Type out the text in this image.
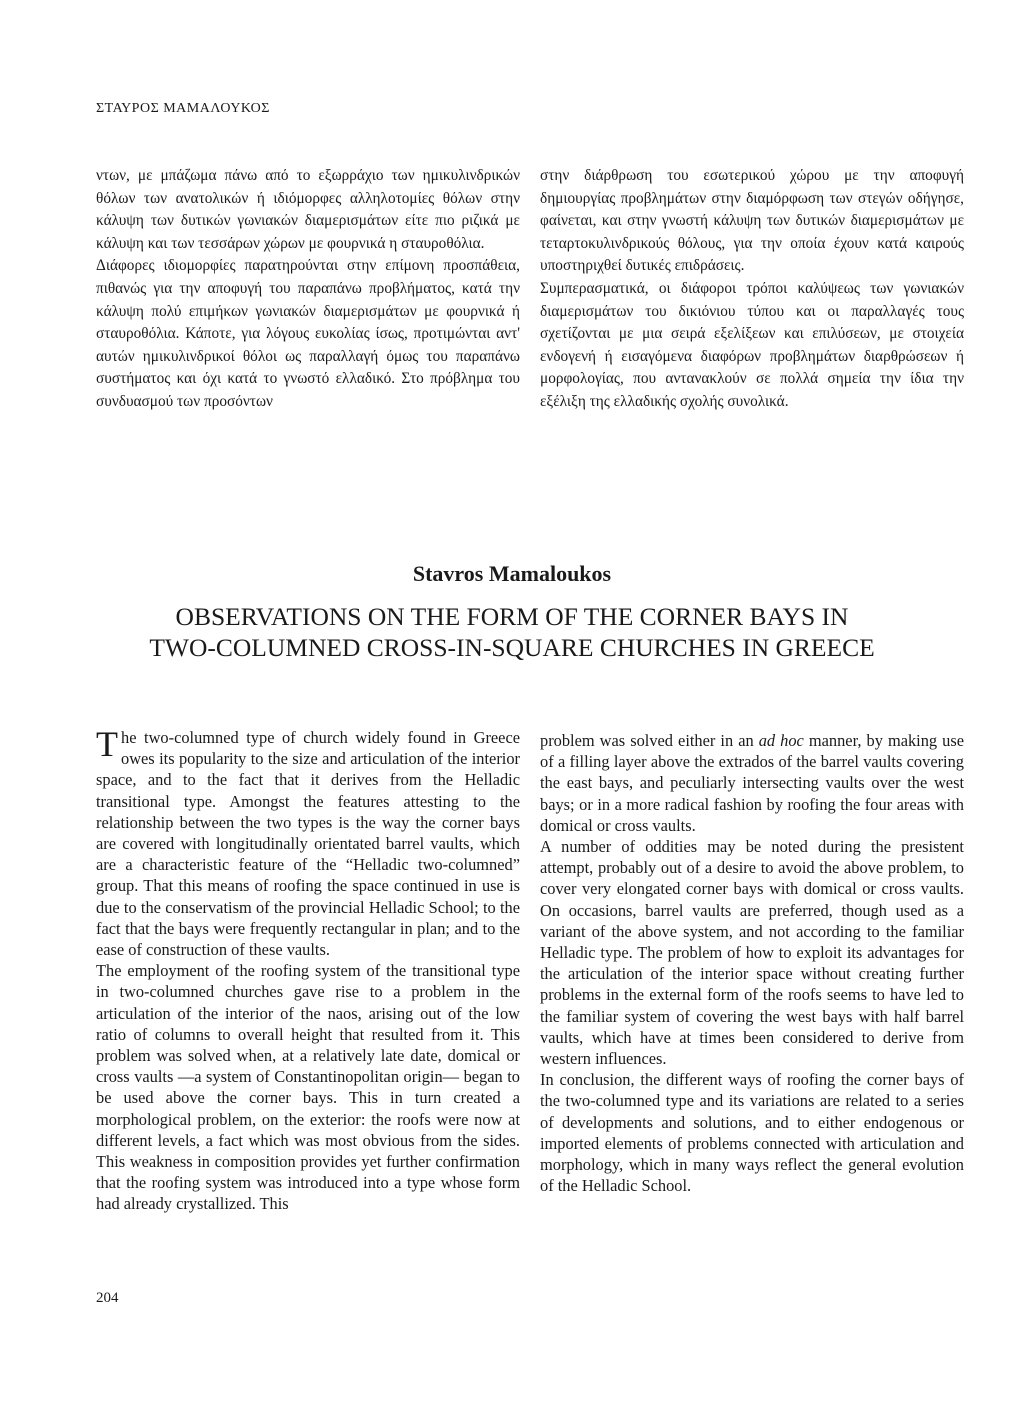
ΣΤΑΥΡΟΣ ΜΑΜΑΛΟΥΚΟΣ

ντων, με μπάζωμα πάνω από το εξωρράχιο των ημικυλινδρικών θόλων των ανατολικών ή ιδιόμορφες αλληλοτομίες θόλων στην κάλυψη των δυτικών γωνιακών διαμερισμάτων είτε πιο ριζικά με κάλυψη και των τεσσάρων χώρων με φουρνικά η σταυροθόλια.

Διάφορες ιδιομορφίες παρατηρούνται στην επίμονη προσπάθεια, πιθανώς για την αποφυγή του παραπάνω προβλήματος, κατά την κάλυψη πολύ επιμήκων γωνιακών διαμερισμάτων με φουρνικά ή σταυροθόλια. Κάποτε, για λόγους ευκολίας ίσως, προτιμώνται αντ' αυτών ημικυλινδρικοί θόλοι ως παραλλαγή όμως του παραπάνω συστήματος και όχι κατά το γνωστό ελλαδικό. Στο πρόβλημα του συνδυασμού των προσόντων

στην διάρθρωση του εσωτερικού χώρου με την αποφυγή δημιουργίας προβλημάτων στην διαμόρφωση των στεγών οδήγησε, φαίνεται, και στην γνωστή κάλυψη των δυτικών διαμερισμάτων με τεταρτοκυλινδρικούς θόλους, για την οποία έχουν κατά καιρούς υποστηριχθεί δυτικές επιδράσεις.

Συμπερασματικά, οι διάφοροι τρόποι καλύψεως των γωνιακών διαμερισμάτων του δικιόνιου τύπου και οι παραλλαγές τους σχετίζονται με μια σειρά εξελίξεων και επιλύσεων, με στοιχεία ενδογενή ή εισαγόμενα διαφόρων προβλημάτων διαρθρώσεων ή μορφολογίας, που αντανακλούν σε πολλά σημεία την ίδια την εξέλιξη της ελλαδικής σχολής συνολικά.

Stavros Mamaloukos
OBSERVATIONS ON THE FORM OF THE CORNER BAYS IN
TWO-COLUMNED CROSS-IN-SQUARE CHURCHES IN GREECE

The two-columned type of church widely found in Greece owes its popularity to the size and articulation of the interior space, and to the fact that it derives from the Helladic transitional type. Amongst the features attesting to the relationship between the two types is the way the corner bays are covered with longitudinally orientated barrel vaults, which are a characteristic feature of the “Helladic two-columned” group. That this means of roofing the space continued in use is due to the conservatism of the provincial Helladic School; to the fact that the bays were frequently rectangular in plan; and to the ease of construction of these vaults.

The employment of the roofing system of the transitional type in two-columned churches gave rise to a problem in the articulation of the interior of the naos, arising out of the low ratio of columns to overall height that resulted from it. This problem was solved when, at a relatively late date, domical or cross vaults —a system of Constantinopolitan origin— began to be used above the corner bays. This in turn created a morphological problem, on the exterior: the roofs were now at different levels, a fact which was most obvious from the sides. This weakness in composition provides yet further confirmation that the roofing system was introduced into a type whose form had already crystallized. This

problem was solved either in an ad hoc manner, by making use of a filling layer above the extrados of the barrel vaults covering the east bays, and peculiarly intersecting vaults over the west bays; or in a more radical fashion by roofing the four areas with domical or cross vaults.

A number of oddities may be noted during the presistent attempt, probably out of a desire to avoid the above problem, to cover very elongated corner bays with domical or cross vaults. On occasions, barrel vaults are preferred, though used as a variant of the above system, and not according to the familiar Helladic type. The problem of how to exploit its advantages for the articulation of the interior space without creating further problems in the external form of the roofs seems to have led to the familiar system of covering the west bays with half barrel vaults, which have at times been considered to derive from western influences.

In conclusion, the different ways of roofing the corner bays of the two-columned type and its variations are related to a series of developments and solutions, and to either endogenous or imported elements of problems connected with articulation and morphology, which in many ways reflect the general evolution of the Helladic School.

204
